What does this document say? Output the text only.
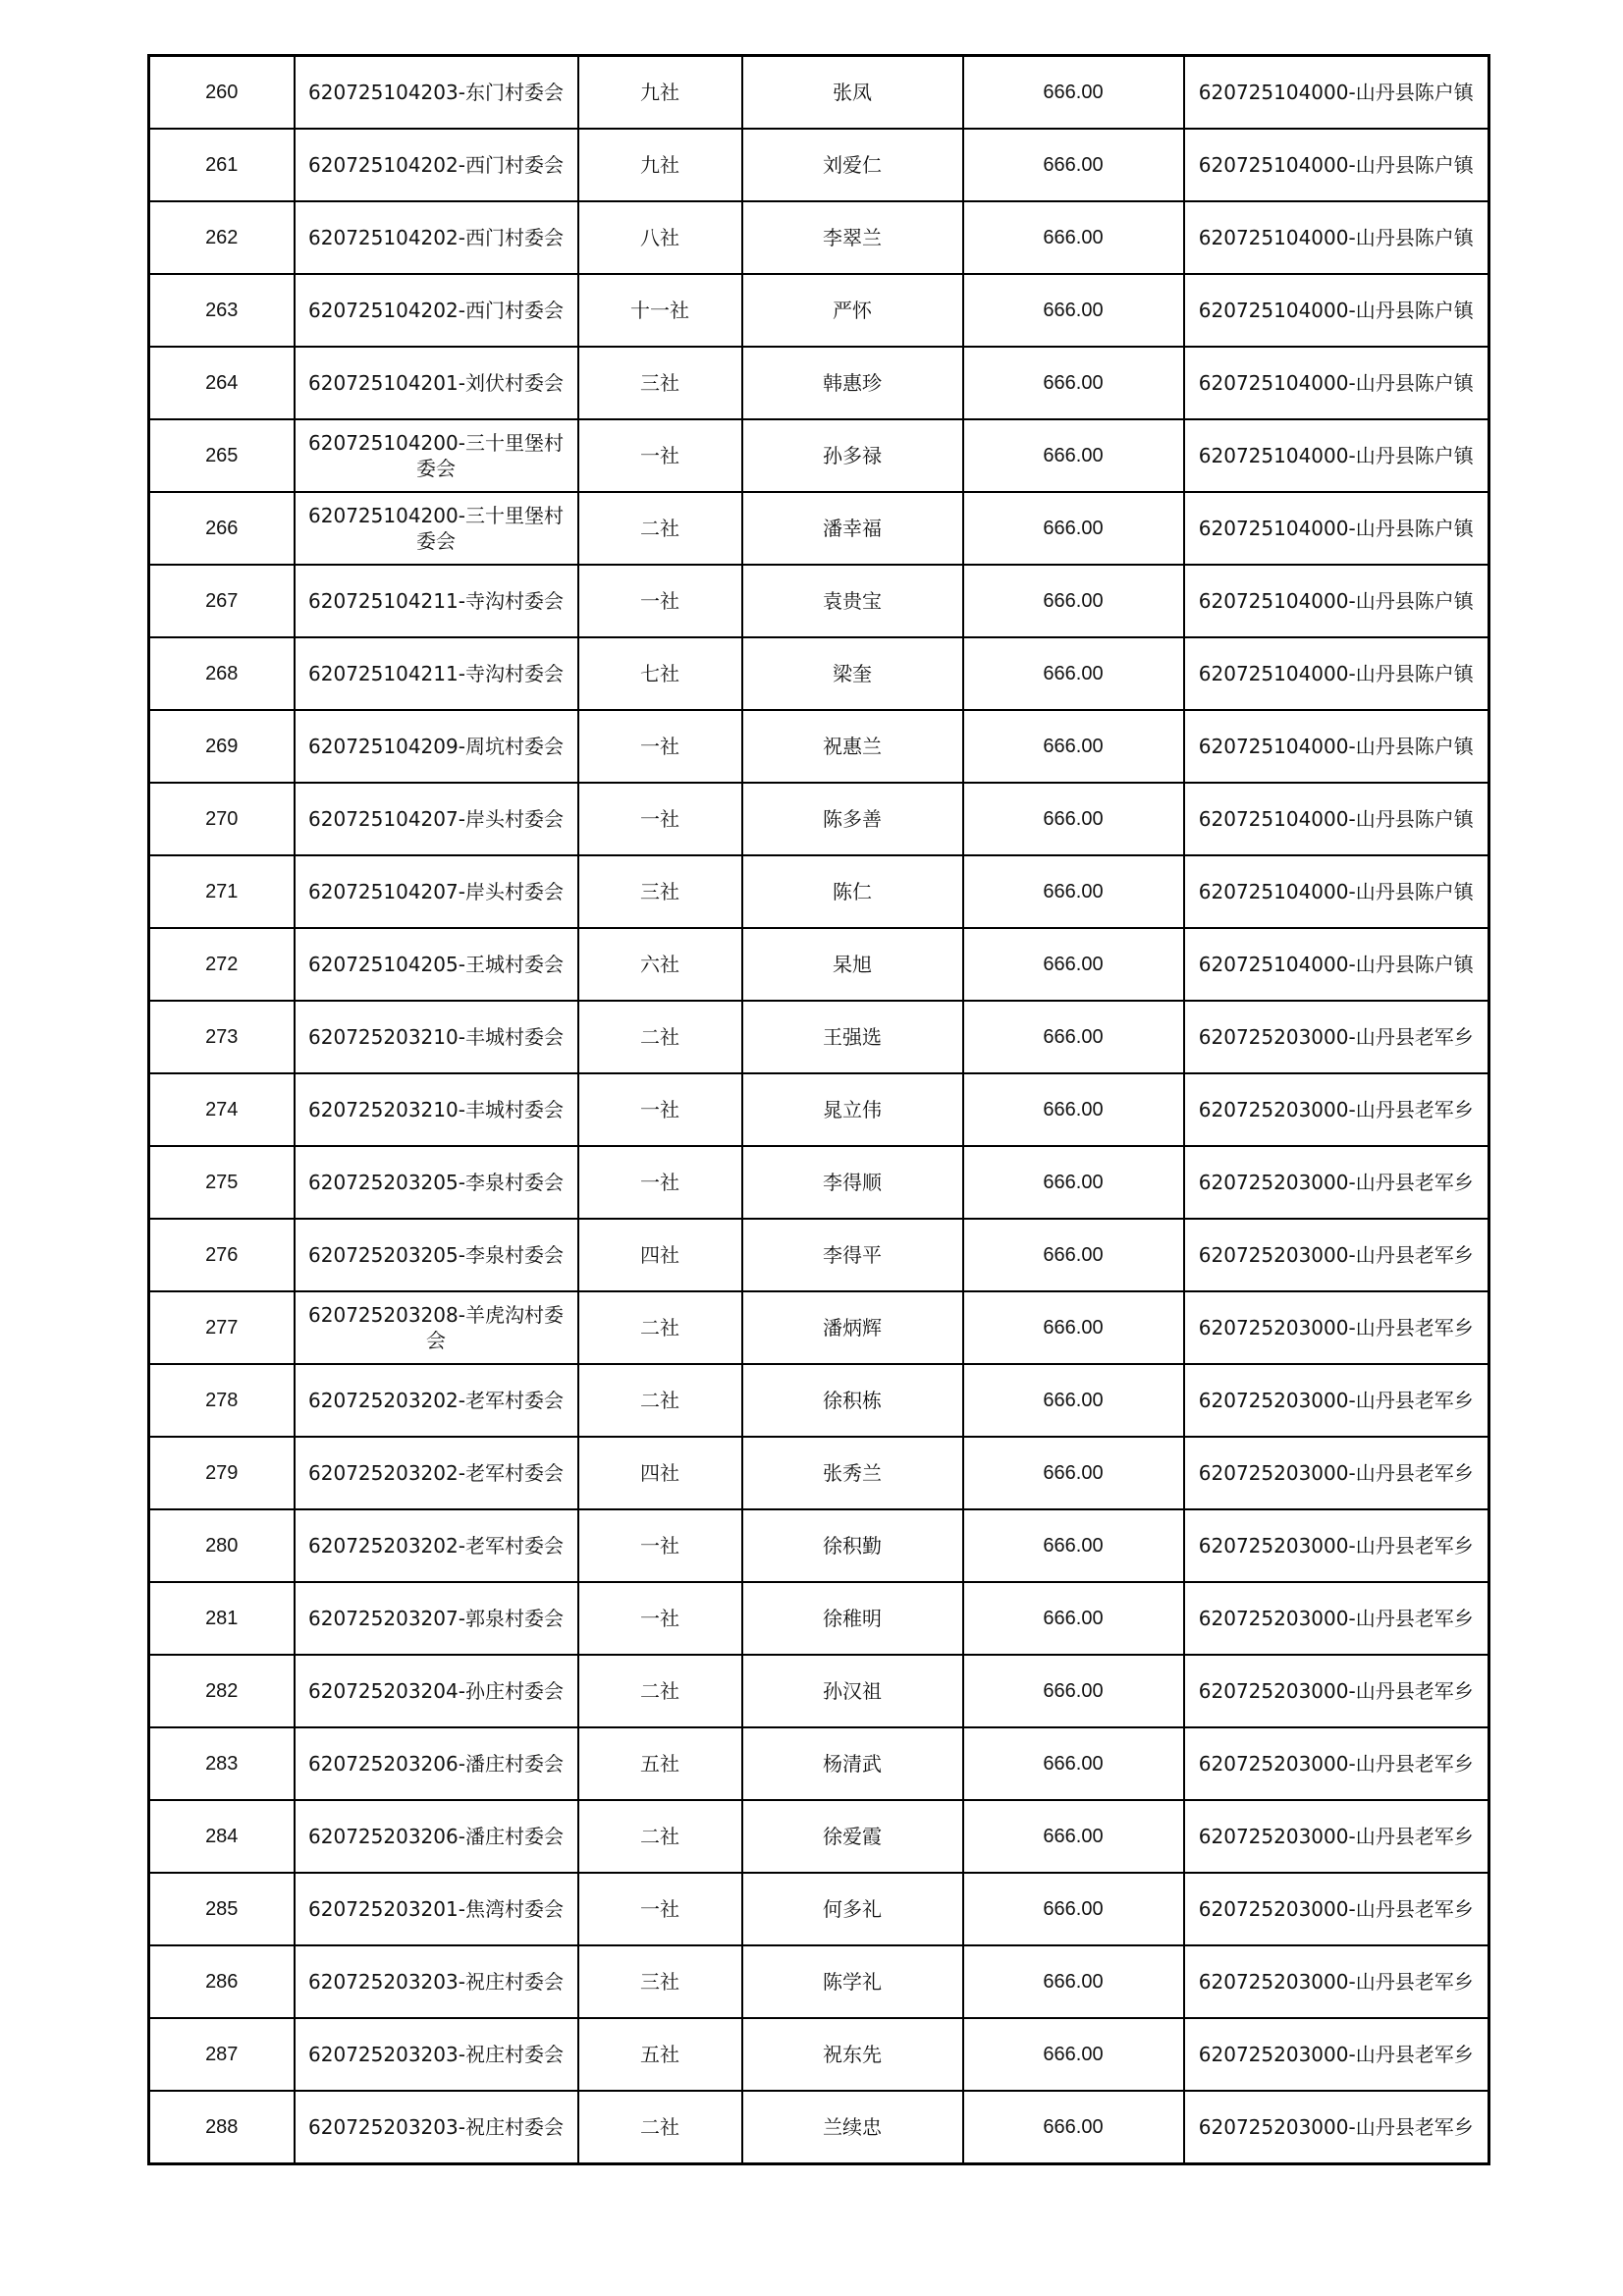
260	620725104203-东门村委会	九社	张凤	666.00	620725104000-山丹县陈户镇
261	620725104202-西门村委会	九社	刘爱仁	666.00	620725104000-山丹县陈户镇
262	620725104202-西门村委会	八社	李翠兰	666.00	620725104000-山丹县陈户镇
263	620725104202-西门村委会	十一社	严怀	666.00	620725104000-山丹县陈户镇
264	620725104201-刘伏村委会	三社	韩惠珍	666.00	620725104000-山丹县陈户镇
265	620725104200-三十里堡村委会	一社	孙多禄	666.00	620725104000-山丹县陈户镇
266	620725104200-三十里堡村委会	二社	潘幸福	666.00	620725104000-山丹县陈户镇
267	620725104211-寺沟村委会	一社	袁贵宝	666.00	620725104000-山丹县陈户镇
268	620725104211-寺沟村委会	七社	梁奎	666.00	620725104000-山丹县陈户镇
269	620725104209-周坑村委会	一社	祝惠兰	666.00	620725104000-山丹县陈户镇
270	620725104207-岸头村委会	一社	陈多善	666.00	620725104000-山丹县陈户镇
271	620725104207-岸头村委会	三社	陈仁	666.00	620725104000-山丹县陈户镇
272	620725104205-王城村委会	六社	杲旭	666.00	620725104000-山丹县陈户镇
273	620725203210-丰城村委会	二社	王强选	666.00	620725203000-山丹县老军乡
274	620725203210-丰城村委会	一社	晁立伟	666.00	620725203000-山丹县老军乡
275	620725203205-李泉村委会	一社	李得顺	666.00	620725203000-山丹县老军乡
276	620725203205-李泉村委会	四社	李得平	666.00	620725203000-山丹县老军乡
277	620725203208-羊虎沟村委会	二社	潘炳辉	666.00	620725203000-山丹县老军乡
278	620725203202-老军村委会	二社	徐积栋	666.00	620725203000-山丹县老军乡
279	620725203202-老军村委会	四社	张秀兰	666.00	620725203000-山丹县老军乡
280	620725203202-老军村委会	一社	徐积勤	666.00	620725203000-山丹县老军乡
281	620725203207-郭泉村委会	一社	徐稚明	666.00	620725203000-山丹县老军乡
282	620725203204-孙庄村委会	二社	孙汉祖	666.00	620725203000-山丹县老军乡
283	620725203206-潘庄村委会	五社	杨清武	666.00	620725203000-山丹县老军乡
284	620725203206-潘庄村委会	二社	徐爱霞	666.00	620725203000-山丹县老军乡
285	620725203201-焦湾村委会	一社	何多礼	666.00	620725203000-山丹县老军乡
286	620725203203-祝庄村委会	三社	陈学礼	666.00	620725203000-山丹县老军乡
287	620725203203-祝庄村委会	五社	祝东先	666.00	620725203000-山丹县老军乡
288	620725203203-祝庄村委会	二社	兰续忠	666.00	620725203000-山丹县老军乡
